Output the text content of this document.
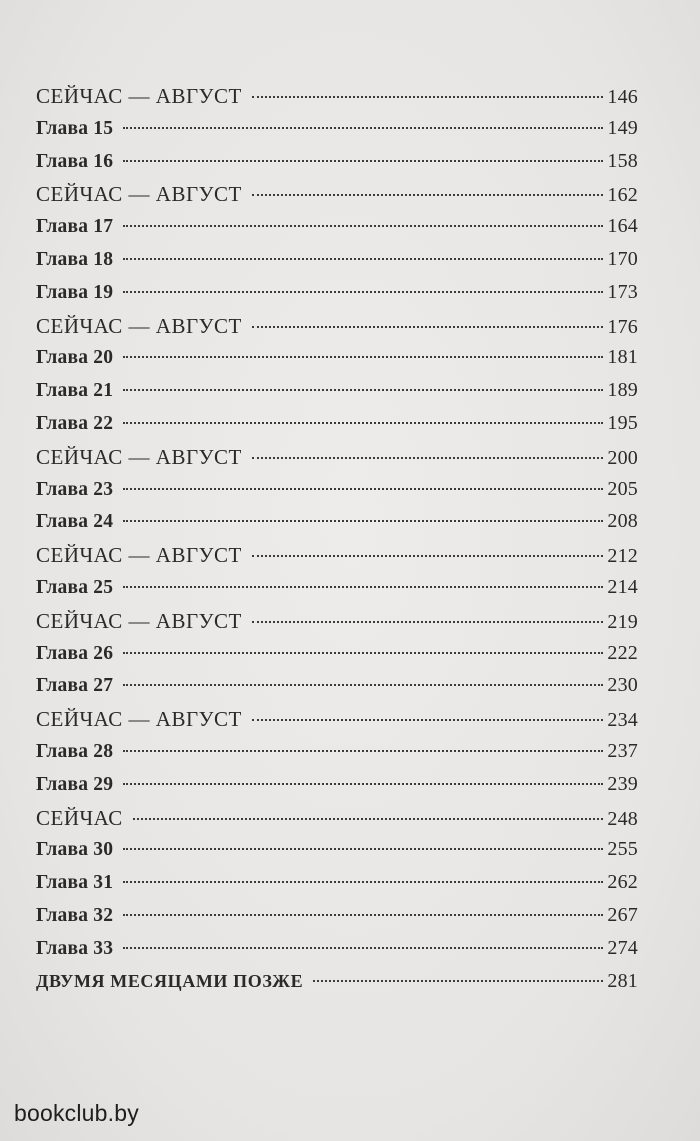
СЕЙЧАС — АВГУСТ	146
Глава 15	149
Глава 16	158
СЕЙЧАС — АВГУСТ	162
Глава 17	164
Глава 18	170
Глава 19	173
СЕЙЧАС — АВГУСТ	176
Глава 20	181
Глава 21	189
Глава 22	195
СЕЙЧАС — АВГУСТ	200
Глава 23	205
Глава 24	208
СЕЙЧАС — АВГУСТ	212
Глава 25	214
СЕЙЧАС — АВГУСТ	219
Глава 26	222
Глава 27	230
СЕЙЧАС — АВГУСТ	234
Глава 28	237
Глава 29	239
СЕЙЧАС	248
Глава 30	255
Глава 31	262
Глава 32	267
Глава 33	274
ДВУМЯ МЕСЯЦАМИ ПОЗЖЕ	281
bookclub.by
